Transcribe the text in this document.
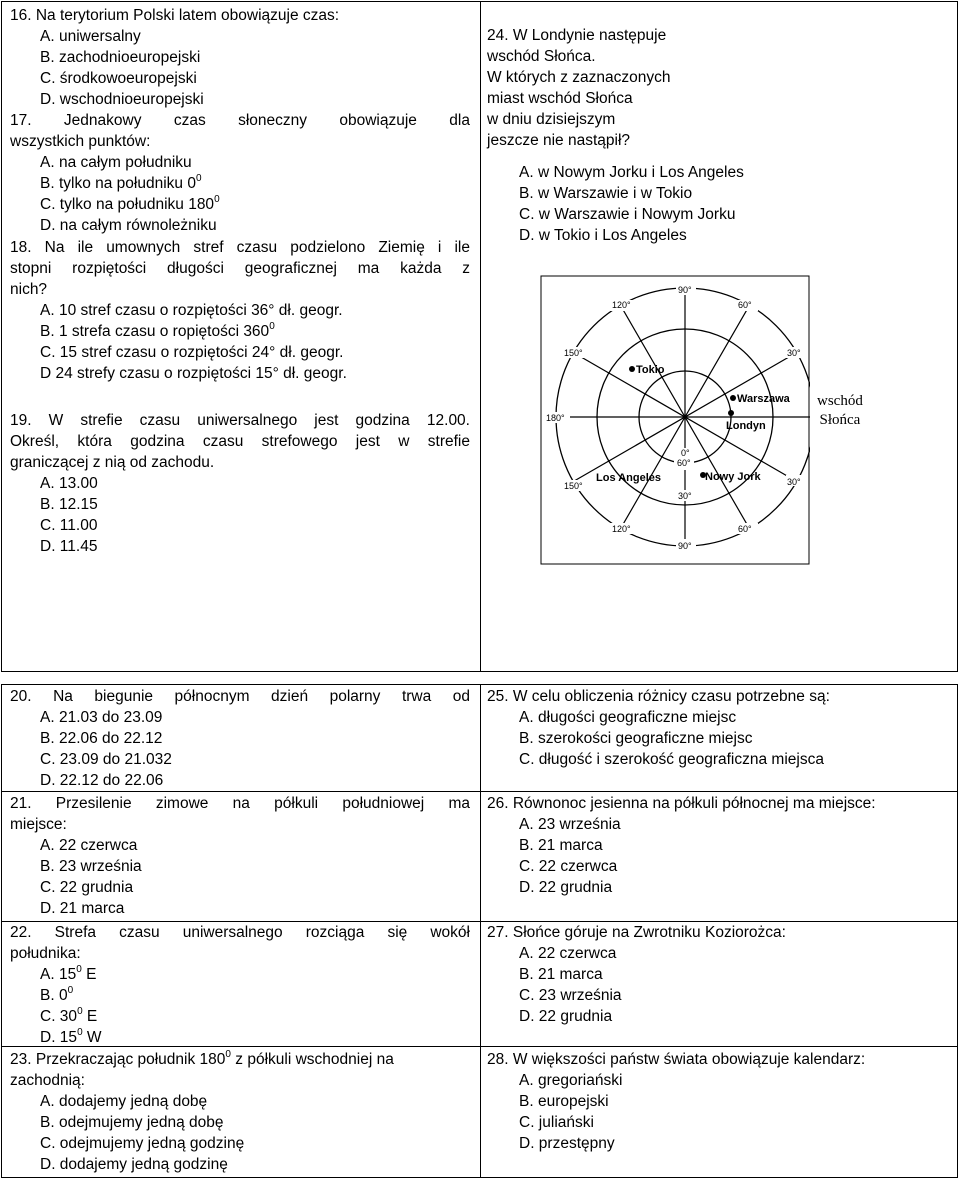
16. Na terytorium Polski latem obowiązuje czas:
A. uniwersalny
B. zachodnioeuropejski
C. środkowoeuropejski
D. wschodnioeuropejski
17. Jednakowy czas słoneczny obowiązuje dla
wszystkich punktów:
A. na całym południku
B. tylko na południku $0^0$
C. tylko na południku $180^0$
D. na całym równoleżniku
18. Na ile umownych stref czasu podzielono Ziemię i ile
stopni rozpiętości długości geograficznej ma każda z
nich?
A. 10 stref czasu o rozpiętości 36° dł. geogr.
B. 1 strefa czasu o ropiętości $360^0$
C. 15 stref czasu o rozpiętości 24° dł. geogr.
D 24 strefy czasu o rozpiętości 15° dł. geogr.
19. W strefie czasu uniwersalnego jest godzina 12.00.
Określ, która godzina czasu strefowego jest w strefie
graniczącej z nią od zachodu.
A. 13.00
B. 12.15
C. 11.00
D. 11.45
24. W Londynie następuje
wschód Słońca.
W których z zaznaczonych
miast wschód Słońca
w dniu dzisiejszym
jeszcze nie nastąpił?
A. w Nowym Jorku i Los Angeles
B. w Warszawie i w Tokio
C. w Warszawie i Nowym Jorku
D. w Tokio i Los Angeles
90°
60°
30°
0°
60°
30°
30°
60°
90°
120°
150°
180°
150°
120°
Tokio
Warszawa
Londyn
Los Angeles	Nowy Jork
wschód
Słońca
20. Na biegunie północnym dzień polarny trwa od
A. 21.03 do 23.09
B. 22.06 do 22.12
C. 23.09 do 21.032
D. 22.12 do 22.06
21. Przesilenie zimowe na półkuli południowej ma
miejsce:
A. 22 czerwca
B. 23 września
C. 22 grudnia
D. 21 marca
22. Strefa czasu uniwersalnego rozciąga się wokół
południka:
A. $15^0$ E
B. $0^0$
C. $30^0$ E
D. $15^0$ W
23. Przekraczając południk $180^0$ z półkuli wschodniej na
zachodnią:
A. dodajemy jedną dobę
B. odejmujemy jedną dobę
C. odejmujemy jedną godzinę
D. dodajemy jedną godzinę
25. W celu obliczenia różnicy czasu potrzebne są:
A. długości geograficzne miejsc
B. szerokości geograficzne miejsc
C. długość i szerokość geograficzna miejsca
26. Równonoc jesienna na półkuli północnej ma miejsce:
A. 23 września
B. 21 marca
C. 22 czerwca
D. 22 grudnia
27. Słońce góruje na Zwrotniku Koziorożca:
A. 22 czerwca
B. 21 marca
C. 23 września
D. 22 grudnia
28. W większości państw świata obowiązuje kalendarz:
A. gregoriański
B. europejski
C. juliański
D. przestępny
